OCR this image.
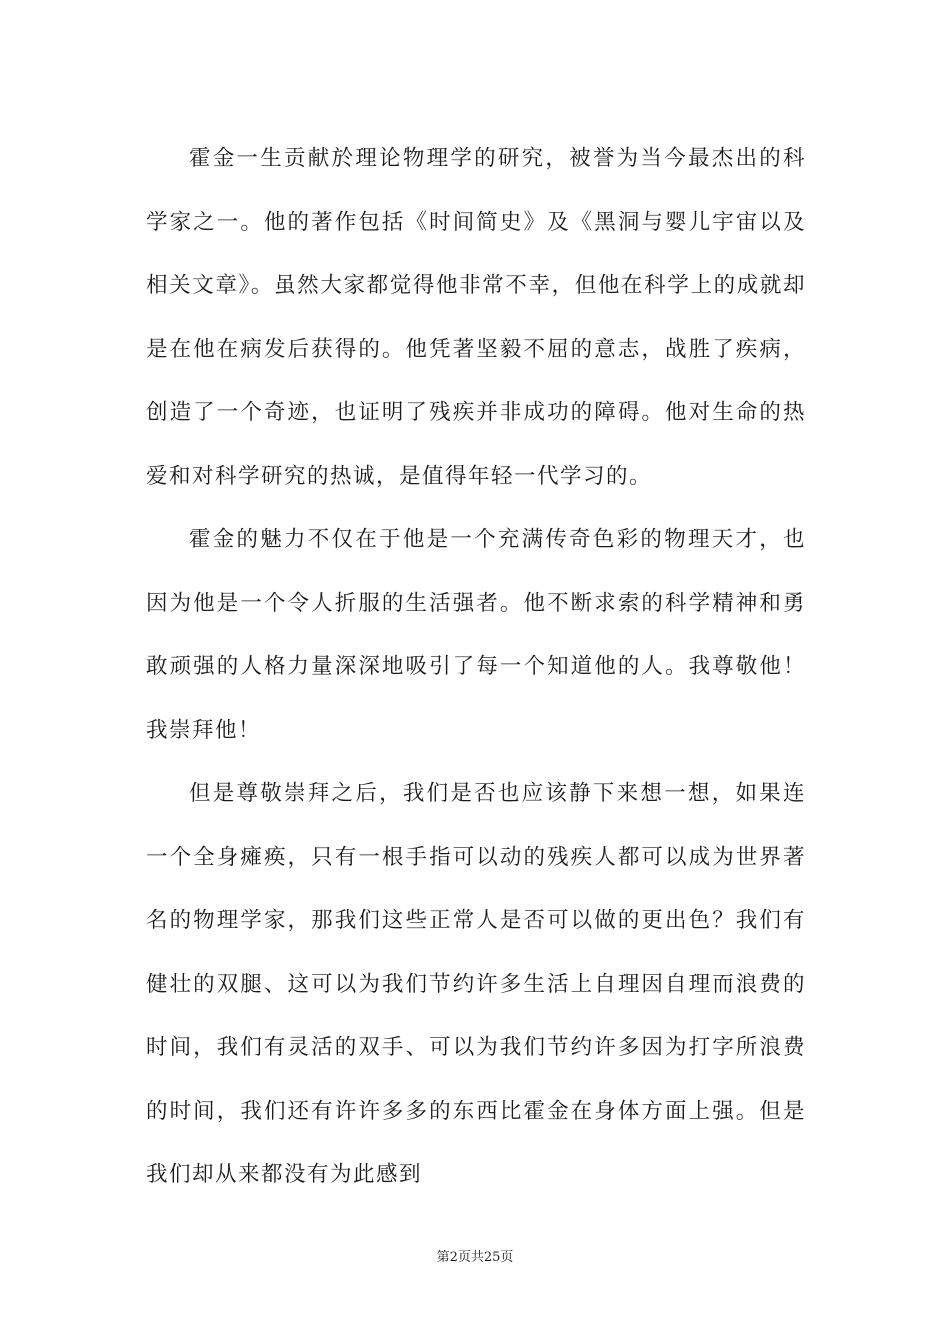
霍金一生贡献於理论物理学的研究，被誉为当今最杰出的科学家之一。他的著作包括《时间简史》及《黑洞与婴儿宇宙以及相关文章》。虽然大家都觉得他非常不幸，但他在科学上的成就却是在他在病发后获得的。他凭著坚毅不屈的意志，战胜了疾病，创造了一个奇迹，也证明了残疾并非成功的障碍。他对生命的热爱和对科学研究的热诚，是值得年轻一代学习的。

霍金的魅力不仅在于他是一个充满传奇色彩的物理天才，也因为他是一个令人折服的生活强者。他不断求索的科学精神和勇敢顽强的人格力量深深地吸引了每一个知道他的人。我尊敬他！我崇拜他！

但是尊敬崇拜之后，我们是否也应该静下来想一想，如果连一个全身瘫痪，只有一根手指可以动的残疾人都可以成为世界著名的物理学家，那我们这些正常人是否可以做的更出色？我们有健壮的双腿、这可以为我们节约许多生活上自理因自理而浪费的时间，我们有灵活的双手、可以为我们节约许多因为打字所浪费的时间，我们还有许许多多的东西比霍金在身体方面上强。但是我们却从来都没有为此感到

第2页共25页
